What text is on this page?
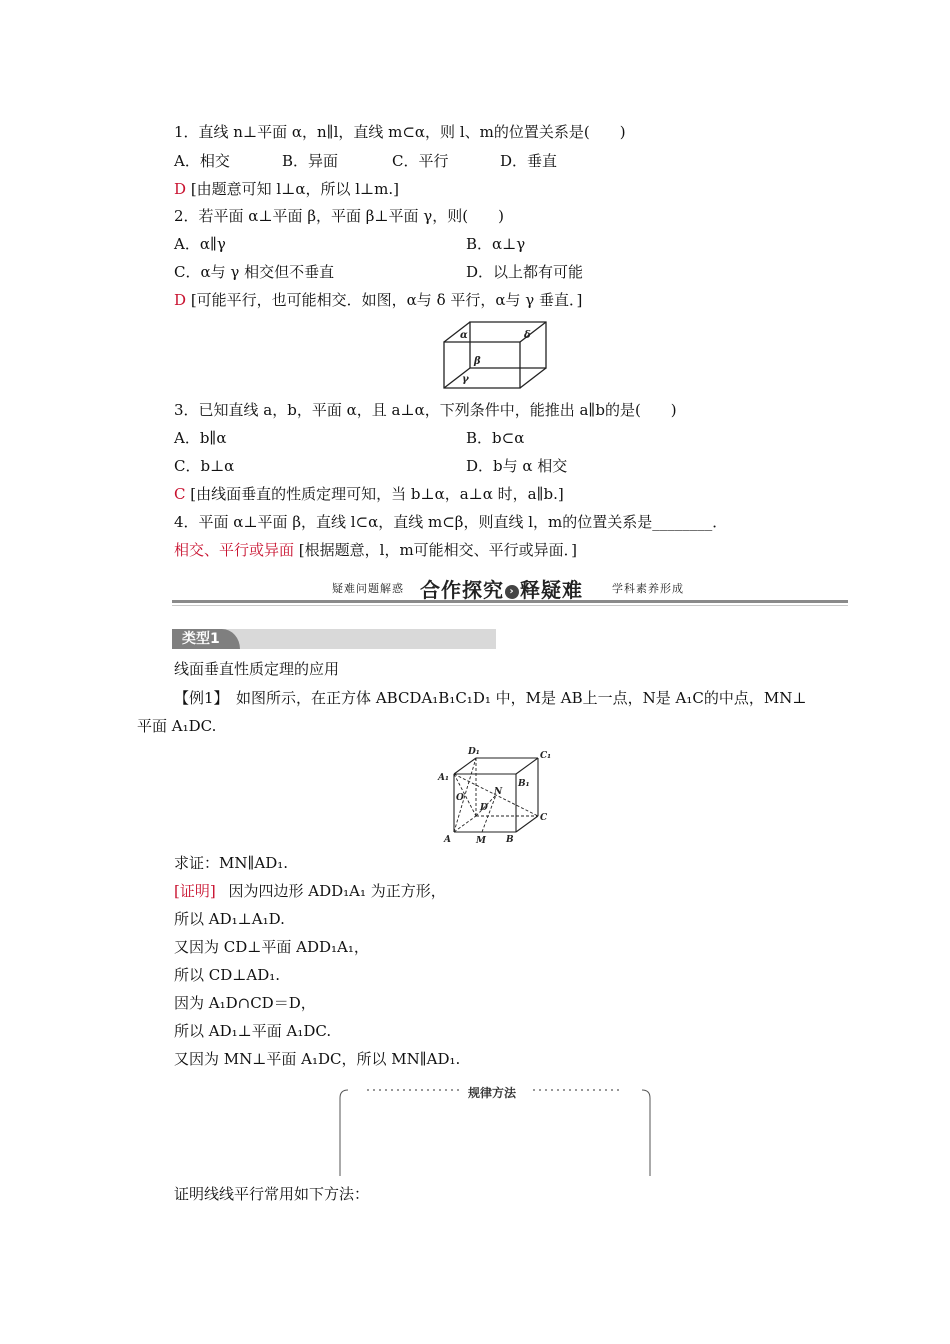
1．直线 n⊥平面 α，n∥l，直线 m⊂α，则 l、m的位置关系是(　　)
A．相交	B．异面	C．平行	D．垂直
D [由题意可知 l⊥α，所以 l⊥m.]
2．若平面 α⊥平面 β，平面 β⊥平面 γ，则(　　)
A．α∥γ	B．α⊥γ
C．α与 γ 相交但不垂直	D．以上都有可能
D [可能平行，也可能相交．如图，α与 δ 平行，α与 γ 垂直．]
α	δ
β
γ
3．已知直线 a，b，平面 α，且 a⊥α，下列条件中，能推出 a∥b的是(　　)
A．b∥α	B．b⊂α
C．b⊥α	D．b与 α 相交
C [由线面垂直的性质定理可知，当 b⊥α，a⊥α 时，a∥b.]
4．平面 α⊥平面 β，直线 l⊂α，直线 m⊂β，则直线 l，m的位置关系是________．
相交、平行或异面 [根据题意，l，m可能相交、平行或异面．]
疑难问题解惑 合作探究 › 释疑难	学科素养形成
类型1
线面垂直性质定理的应用
【例1】　如图所示，在正方体 ABCDA₁B₁C₁D₁ 中，M是 AB上一点，N是 A₁C的中点，MN⊥
平面 A₁DC.
D₁	C₁
A₁
B₁
O
N
D
C
A	M B
求证：MN∥AD₁.
[证明] 因为四边形 ADD₁A₁ 为正方形，
所以 AD₁⊥A₁D.
又因为 CD⊥平面 ADD₁A₁，
所以 CD⊥AD₁.
因为 A₁D∩CD＝D，
所以 AD₁⊥平面 A₁DC.
又因为 MN⊥平面 A₁DC，所以 MN∥AD₁.
规律方法
证明线线平行常用如下方法：
